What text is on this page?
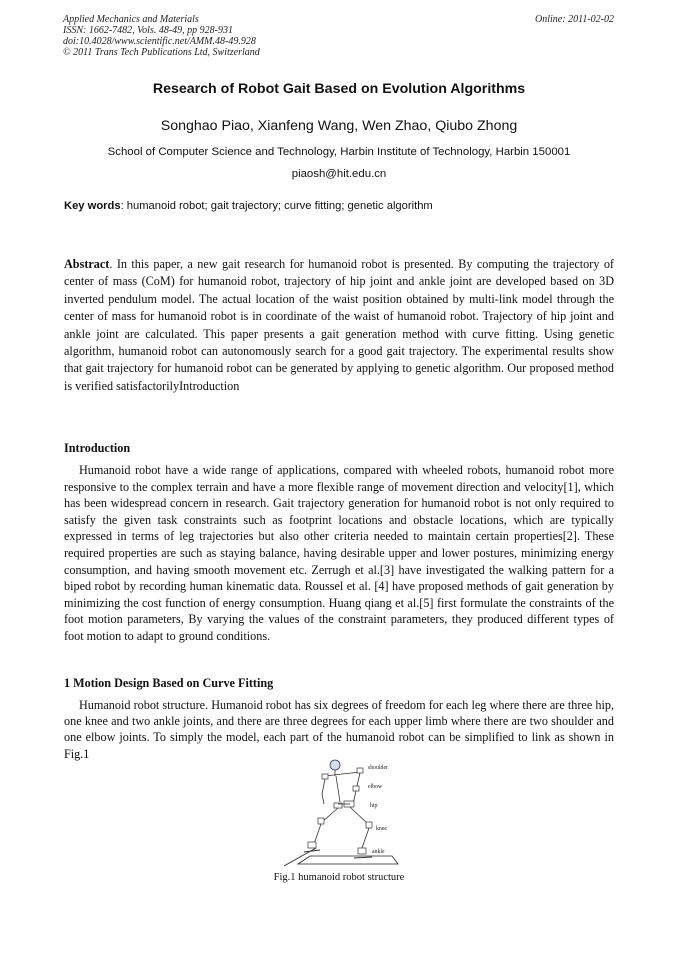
Applied Mechanics and Materials
ISSN: 1662-7482, Vols. 48-49, pp 928-931
doi:10.4028/www.scientific.net/AMM.48-49.928
© 2011 Trans Tech Publications Ltd, Switzerland
Online: 2011-02-02
Research of Robot Gait Based on Evolution Algorithms
Songhao Piao, Xianfeng Wang, Wen Zhao, Qiubo Zhong
School of Computer Science and Technology, Harbin Institute of Technology, Harbin 150001
piaosh@hit.edu.cn
Key words: humanoid robot; gait trajectory; curve fitting; genetic algorithm
Abstract. In this paper, a new gait research for humanoid robot is presented. By computing the trajectory of center of mass (CoM) for humanoid robot, trajectory of hip joint and ankle joint are developed based on 3D inverted pendulum model. The actual location of the waist position obtained by multi-link model through the center of mass for humanoid robot is in coordinate of the waist of humanoid robot. Trajectory of hip joint and ankle joint are calculated. This paper presents a gait generation method with curve fitting. Using genetic algorithm, humanoid robot can autonomously search for a good gait trajectory. The experimental results show that gait trajectory for humanoid robot can be generated by applying to genetic algorithm. Our proposed method is verified satisfactorilyIntroduction
Introduction
Humanoid robot have a wide range of applications, compared with wheeled robots, humanoid robot more responsive to the complex terrain and have a more flexible range of movement direction and velocity[1], which has been widespread concern in research. Gait trajectory generation for humanoid robot is not only required to satisfy the given task constraints such as footprint locations and obstacle locations, which are typically expressed in terms of leg trajectories but also other criteria needed to maintain certain properties[2]. These required properties are such as staying balance, having desirable upper and lower postures, minimizing energy consumption, and having smooth movement etc. Zerrugh et al.[3] have investigated the walking pattern for a biped robot by recording human kinematic data. Roussel et al. [4] have proposed methods of gait generation by minimizing the cost function of energy consumption. Huang qiang et al.[5] first formulate the constraints of the foot motion parameters, By varying the values of the constraint parameters, they produced different types of foot motion to adapt to ground conditions.
1 Motion Design Based on Curve Fitting
Humanoid robot structure. Humanoid robot has six degrees of freedom for each leg where there are three hip, one knee and two ankle joints, and there are three degrees for each upper limb where there are two shoulder and one elbow joints. To simply the model, each part of the humanoid robot can be simplified to link as shown in Fig.1
shoulder
elbow
hip
knee
ankle
Fig.1 humanoid robot structure
